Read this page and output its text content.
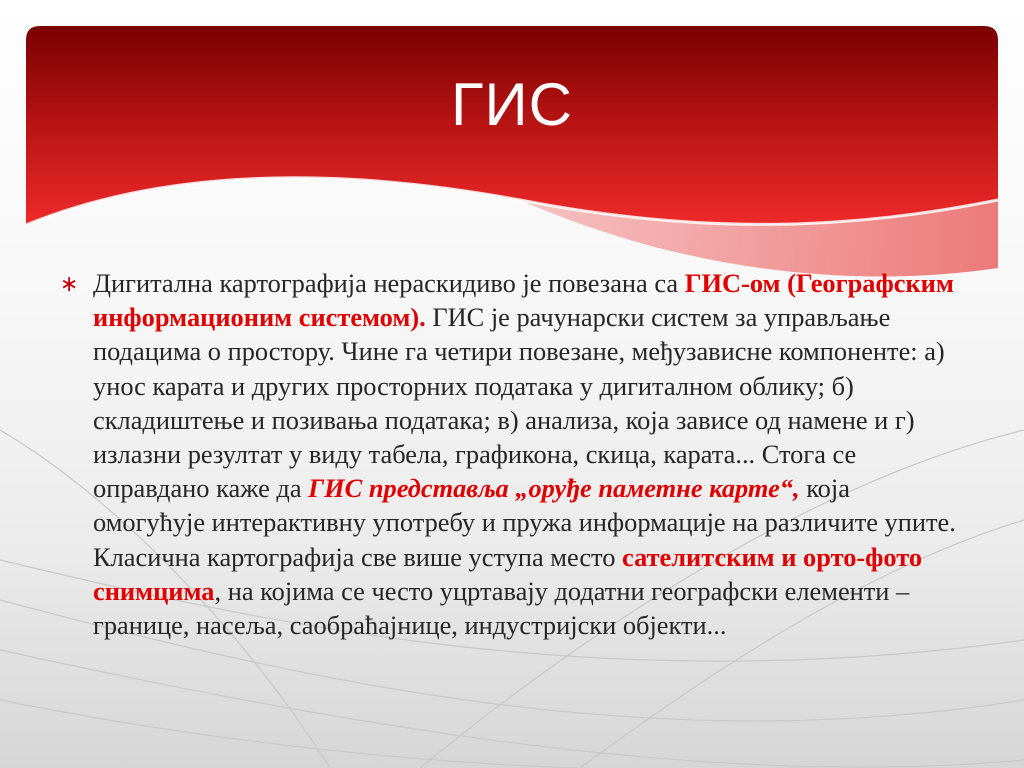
ГИС
∗ Дигитална картографија нераскидиво је повезана са ГИС-ом (Географским информационим системом). ГИС је рачунарски систем за управљање подацима о простору. Чине га четири повезане, међузависне компоненте: а) унос карата и других просторних података у дигиталном облику; б) складиштење и позивања података; в) анализа, која зависе од намене и г) излазни резултат у виду табела, графикона, скица, карата... Стога се оправдано каже да ГИС представља „оруђе паметне карте“, која омогућује интерактивну употребу и пружа информације на различите упите. Класична картографија све више уступа место сателитским и орто-фото снимцима, на којима се често уцртавају додатни географски елементи – границе, насеља, саобраћајнице, индустријски објекти...
